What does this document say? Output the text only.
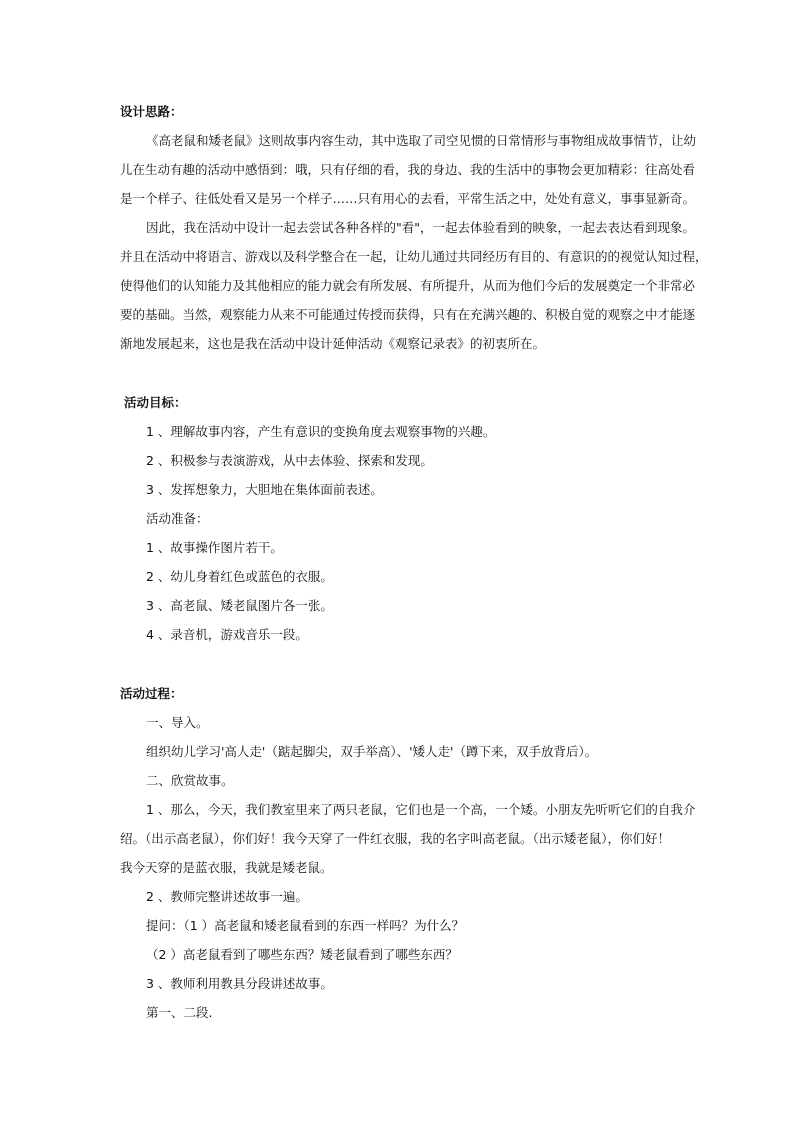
设计思路：
《高老鼠和矮老鼠》这则故事内容生动，其中选取了司空见惯的日常情形与事物组成故事情节，让幼
儿在生动有趣的活动中感悟到：哦，只有仔细的看，我的身边、我的生活中的事物会更加精彩：往高处看
是一个样子、往低处看又是另一个样子……只有用心的去看，平常生活之中，处处有意义，事事显新奇。
因此，我在活动中设计一起去尝试各种各样的"看"，一起去体验看到的映象，一起去表达看到现象。
并且在活动中将语言、游戏以及科学整合在一起，让幼儿通过共同经历有目的、有意识的的视觉认知过程，
使得他们的认知能力及其他相应的能力就会有所发展、有所提升，从而为他们今后的发展奠定一个非常必
要的基础。当然，观察能力从来不可能通过传授而获得，只有在充满兴趣的、积极自觉的观察之中才能逐
渐地发展起来，这也是我在活动中设计延伸活动《观察记录表》的初衷所在。
活动目标：
1 、理解故事内容，产生有意识的变换角度去观察事物的兴趣。
2 、积极参与表演游戏，从中去体验、探索和发现。
3 、发挥想象力，大胆地在集体面前表述。
活动准备：
1 、故事操作图片若干。
2 、幼儿身着红色或蓝色的衣服。
3 、高老鼠、矮老鼠图片各一张。
4 、录音机，游戏音乐一段。
活动过程：
一、导入。
组织幼儿学习'高人走'（踮起脚尖，双手举高）、'矮人走'（蹲下来，双手放背后）。
二、欣赏故事。
1 、那么，今天，我们教室里来了两只老鼠，它们也是一个高，一个矮。小朋友先听听它们的自我介
绍。（出示高老鼠），你们好！我今天穿了一件红衣服，我的名字叫高老鼠。（出示矮老鼠），你们好！
我今天穿的是蓝衣服，我就是矮老鼠。
2 、教师完整讲述故事一遍。
提问：（1 ）高老鼠和矮老鼠看到的东西一样吗？为什么？
（2 ）高老鼠看到了哪些东西？矮老鼠看到了哪些东西？
3 、教师利用教具分段讲述故事。
第一、二段.
